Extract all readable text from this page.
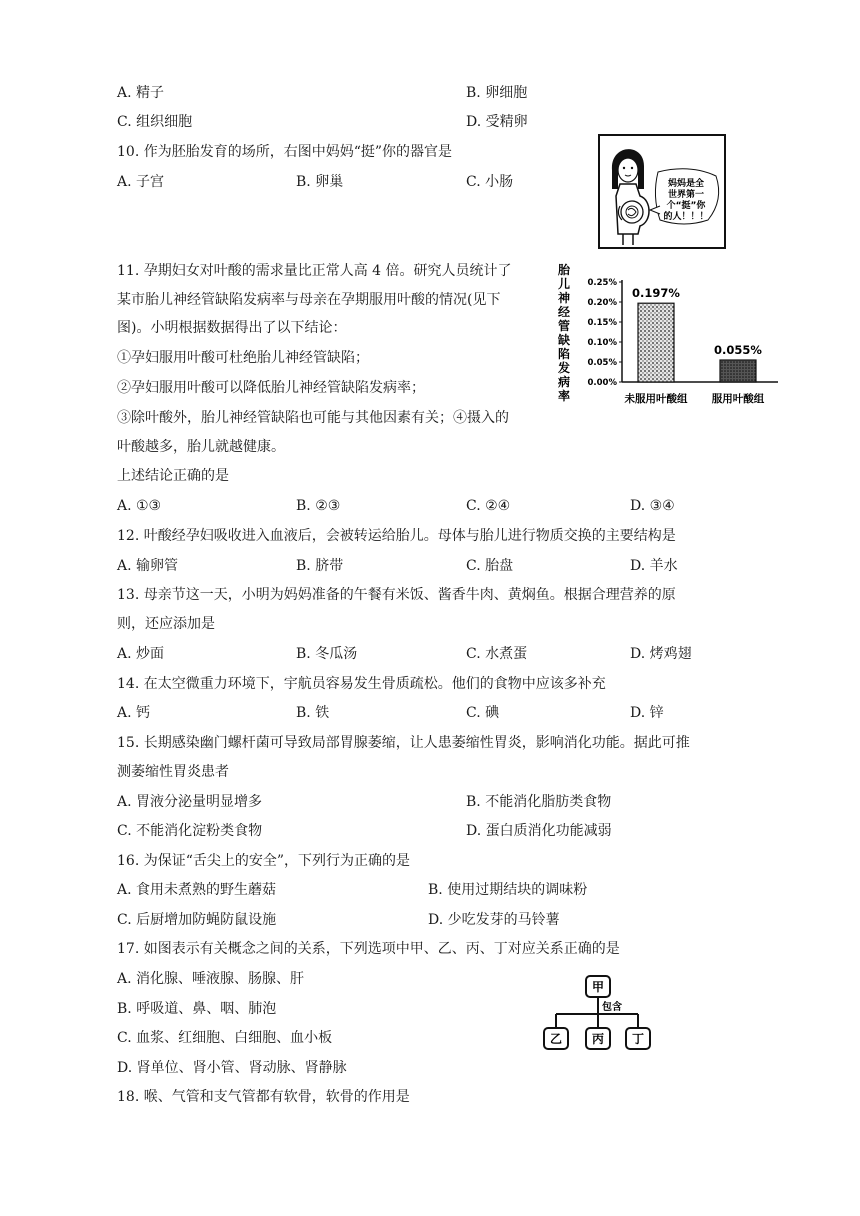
A. 精子	B. 卵细胞
C. 组织细胞	D. 受精卵
10. 作为胚胎发育的场所，右图中妈妈“挺”你的器官是
A. 子宫	B. 卵巢	C. 小肠	妈妈是全
世界第一
个“挺”你
的人！！！
11. 孕期妇女对叶酸的需求量比正常人高 4 倍。研究人员统计了
某市胎儿神经管缺陷发病率与母亲在孕期服用叶酸的情况(见下
图)。小明根据数据得出了以下结论：
①孕妇服用叶酸可杜绝胎儿神经管缺陷；
②孕妇服用叶酸可以降低胎儿神经管缺陷发病率；
③除叶酸外，胎儿神经管缺陷也可能与其他因素有关；④摄入的
叶酸越多，胎儿就越健康。
上述结论正确的是
A. ①③	B. ②③	C. ②④	D. ③④
胎
儿
神
经
管
缺
陷
发
病
率
0.00%
0.05%
0.10%
0.15%
0.20%
0.25%
0.197%
未服用叶酸组
0.055%
服用叶酸组
12. 叶酸经孕妇吸收进入血液后，会被转运给胎儿。母体与胎儿进行物质交换的主要结构是
A. 输卵管	B. 脐带	C. 胎盘	D. 羊水
13. 母亲节这一天，小明为妈妈准备的午餐有米饭、酱香牛肉、黄焖鱼。根据合理营养的原
则，还应添加是
A. 炒面	B. 冬瓜汤	C. 水煮蛋	D. 烤鸡翅
14. 在太空微重力环境下，宇航员容易发生骨质疏松。他们的食物中应该多补充
A. 钙	B. 铁	C. 碘	D. 锌
15. 长期感染幽门螺杆菌可导致局部胃腺萎缩，让人患萎缩性胃炎，影响消化功能。据此可推
测萎缩性胃炎患者
A. 胃液分泌量明显增多	B. 不能消化脂肪类食物
C. 不能消化淀粉类食物	D. 蛋白质消化功能减弱
16. 为保证“舌尖上的安全”，下列行为正确的是
A. 食用未煮熟的野生蘑菇	B. 使用过期结块的调味粉
C. 后厨增加防蝇防鼠设施	D. 少吃发芽的马铃薯
17. 如图表示有关概念之间的关系，下列选项中甲、乙、丙、丁对应关系正确的是
A. 消化腺、唾液腺、肠腺、肝
B. 呼吸道、鼻、咽、肺泡
C. 血浆、红细胞、白细胞、血小板
D. 肾单位、肾小管、肾动脉、肾静脉
甲
包含
乙 丙 丁
18. 喉、气管和支气管都有软骨，软骨的作用是
